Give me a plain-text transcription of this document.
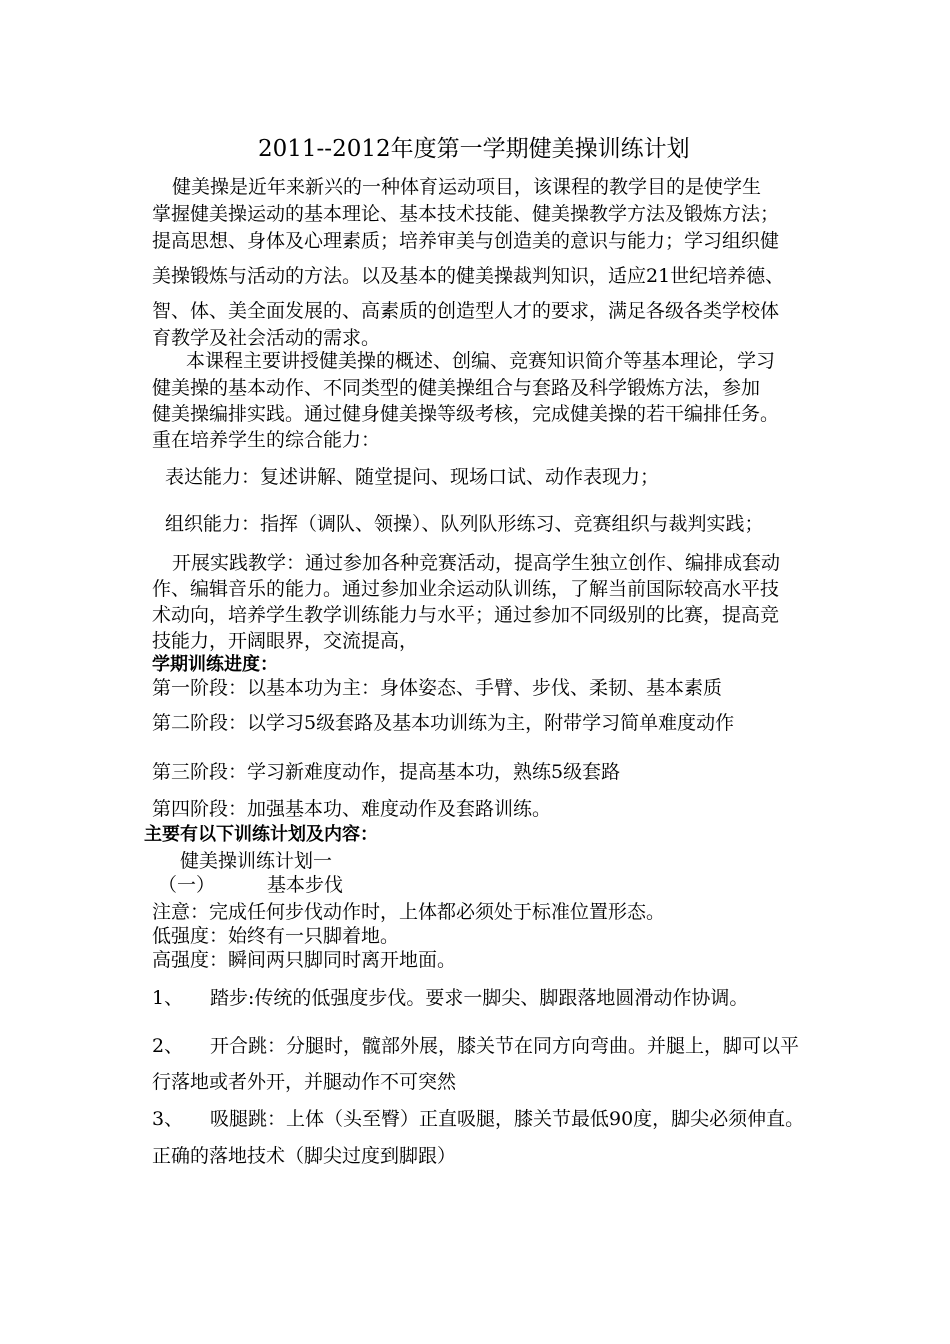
2011--2012年度第一学期健美操训练计划
健美操是近年来新兴的一种体育运动项目，该课程的教学目的是使学生
掌握健美操运动的基本理论、基本技术技能、健美操教学方法及锻炼方法；
提高思想、身体及心理素质；培养审美与创造美的意识与能力；学习组织健
美操锻炼与活动的方法。以及基本的健美操裁判知识，适应21世纪培养德、
智、体、美全面发展的、高素质的创造型人才的要求，满足各级各类学校体
育教学及社会活动的需求。
本课程主要讲授健美操的概述、创编、竞赛知识简介等基本理论，学习
健美操的基本动作、不同类型的健美操组合与套路及科学锻炼方法，参加
健美操编排实践。通过健身健美操等级考核，完成健美操的若干编排任务。
重在培养学生的综合能力：
表达能力：复述讲解、随堂提问、现场口试、动作表现力；
组织能力：指挥（调队、领操）、队列队形练习、竞赛组织与裁判实践；
开展实践教学：通过参加各种竞赛活动，提高学生独立创作、编排成套动
作、编辑音乐的能力。通过参加业余运动队训练，了解当前国际较高水平技
术动向，培养学生教学训练能力与水平；通过参加不同级别的比赛，提高竞
技能力，开阔眼界，交流提高，
学期训练进度：
第一阶段：以基本功为主：身体姿态、手臂、步伐、柔韧、基本素质
第二阶段：以学习5级套路及基本功训练为主，附带学习简单难度动作
第三阶段：学习新难度动作，提高基本功，熟练5级套路
第四阶段：加强基本功、难度动作及套路训练。
主要有以下训练计划及内容：
健美操训练计划一
（一）	基本步伐
注意：完成任何步伐动作时，上体都必须处于标准位置形态。
低强度：始终有一只脚着地。
高强度：瞬间两只脚同时离开地面。
1、 踏步:传统的低强度步伐。要求一脚尖、脚跟落地圆滑动作协调。
2、 开合跳：分腿时，髋部外展，膝关节在同方向弯曲。并腿上，脚可以平
行落地或者外开，并腿动作不可突然
3、 吸腿跳：上体（头至臀）正直吸腿，膝关节最低90度，脚尖必须伸直。
正确的落地技术（脚尖过度到脚跟）
